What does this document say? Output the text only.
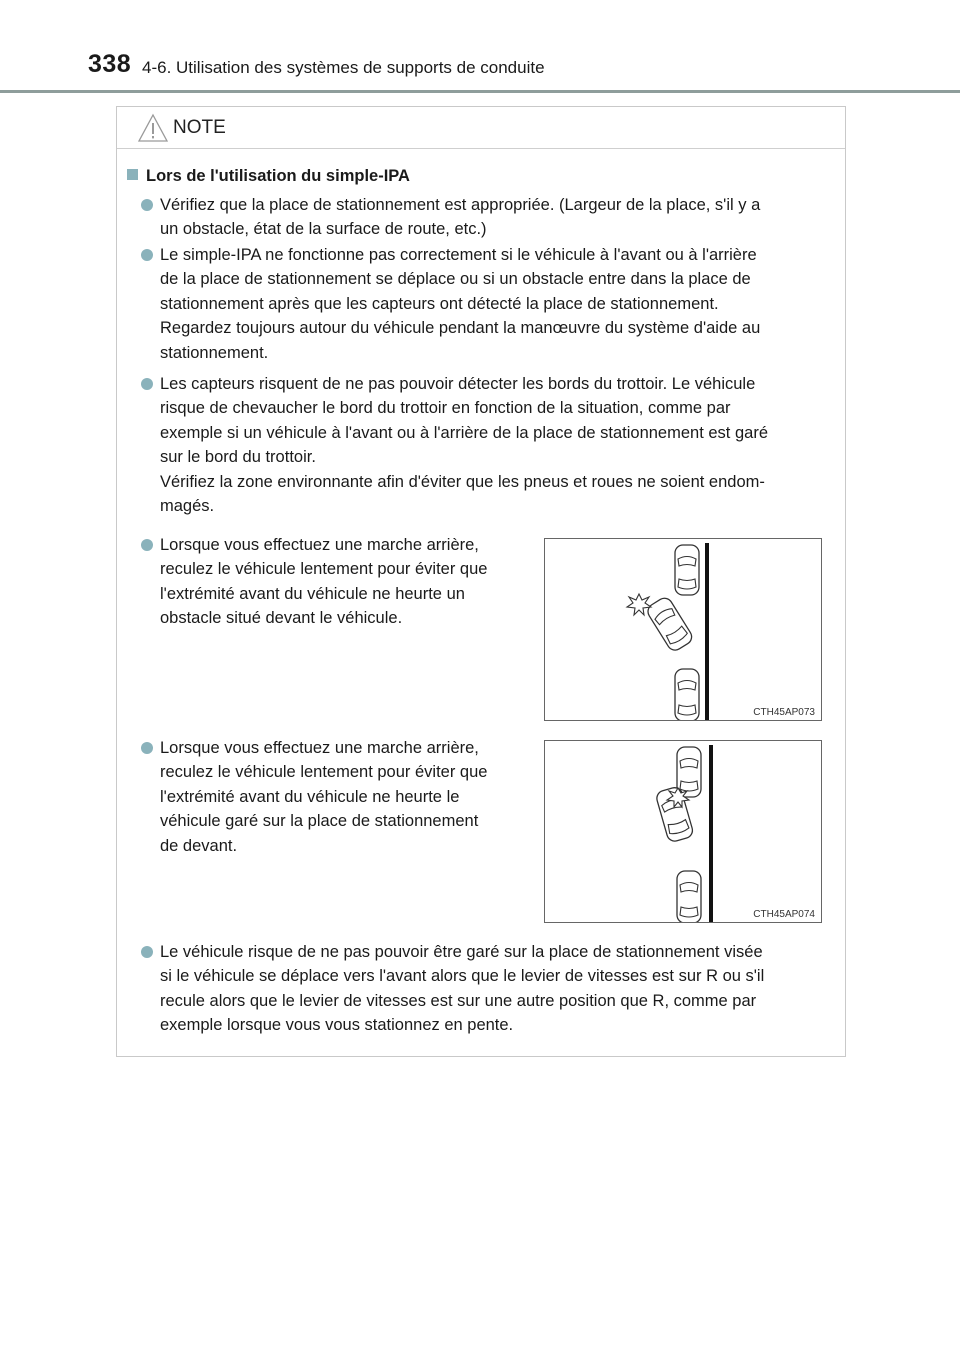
338 4-6. Utilisation des systèmes de supports de conduite
NOTE
Lors de l'utilisation du simple-IPA
Vérifiez que la place de stationnement est appropriée. (Largeur de la place, s'il y a
un obstacle, état de la surface de route, etc.)
Le simple-IPA ne fonctionne pas correctement si le véhicule à l'avant ou à l'arrière
de la place de stationnement se déplace ou si un obstacle entre dans la place de
stationnement après que les capteurs ont détecté la place de stationnement.
Regardez toujours autour du véhicule pendant la manœuvre du système d'aide au
stationnement.
Les capteurs risquent de ne pas pouvoir détecter les bords du trottoir. Le véhicule
risque de chevaucher le bord du trottoir en fonction de la situation, comme par
exemple si un véhicule à l'avant ou à l'arrière de la place de stationnement est garé
sur le bord du trottoir.
Vérifiez la zone environnante afin d'éviter que les pneus et roues ne soient endom-
magés.
Lorsque vous effectuez une marche arrière,
reculez le véhicule lentement pour éviter que
l'extrémité avant du véhicule ne heurte un
obstacle situé devant le véhicule.
Lorsque vous effectuez une marche arrière,
reculez le véhicule lentement pour éviter que
l'extrémité avant du véhicule ne heurte le
véhicule garé sur la place de stationnement
de devant.
Le véhicule risque de ne pas pouvoir être garé sur la place de stationnement visée
si le véhicule se déplace vers l'avant alors que le levier de vitesses est sur R ou s'il
recule alors que le levier de vitesses est sur une autre position que R, comme par
exemple lorsque vous vous stationnez en pente.
CTH45AP073
CTH45AP074
